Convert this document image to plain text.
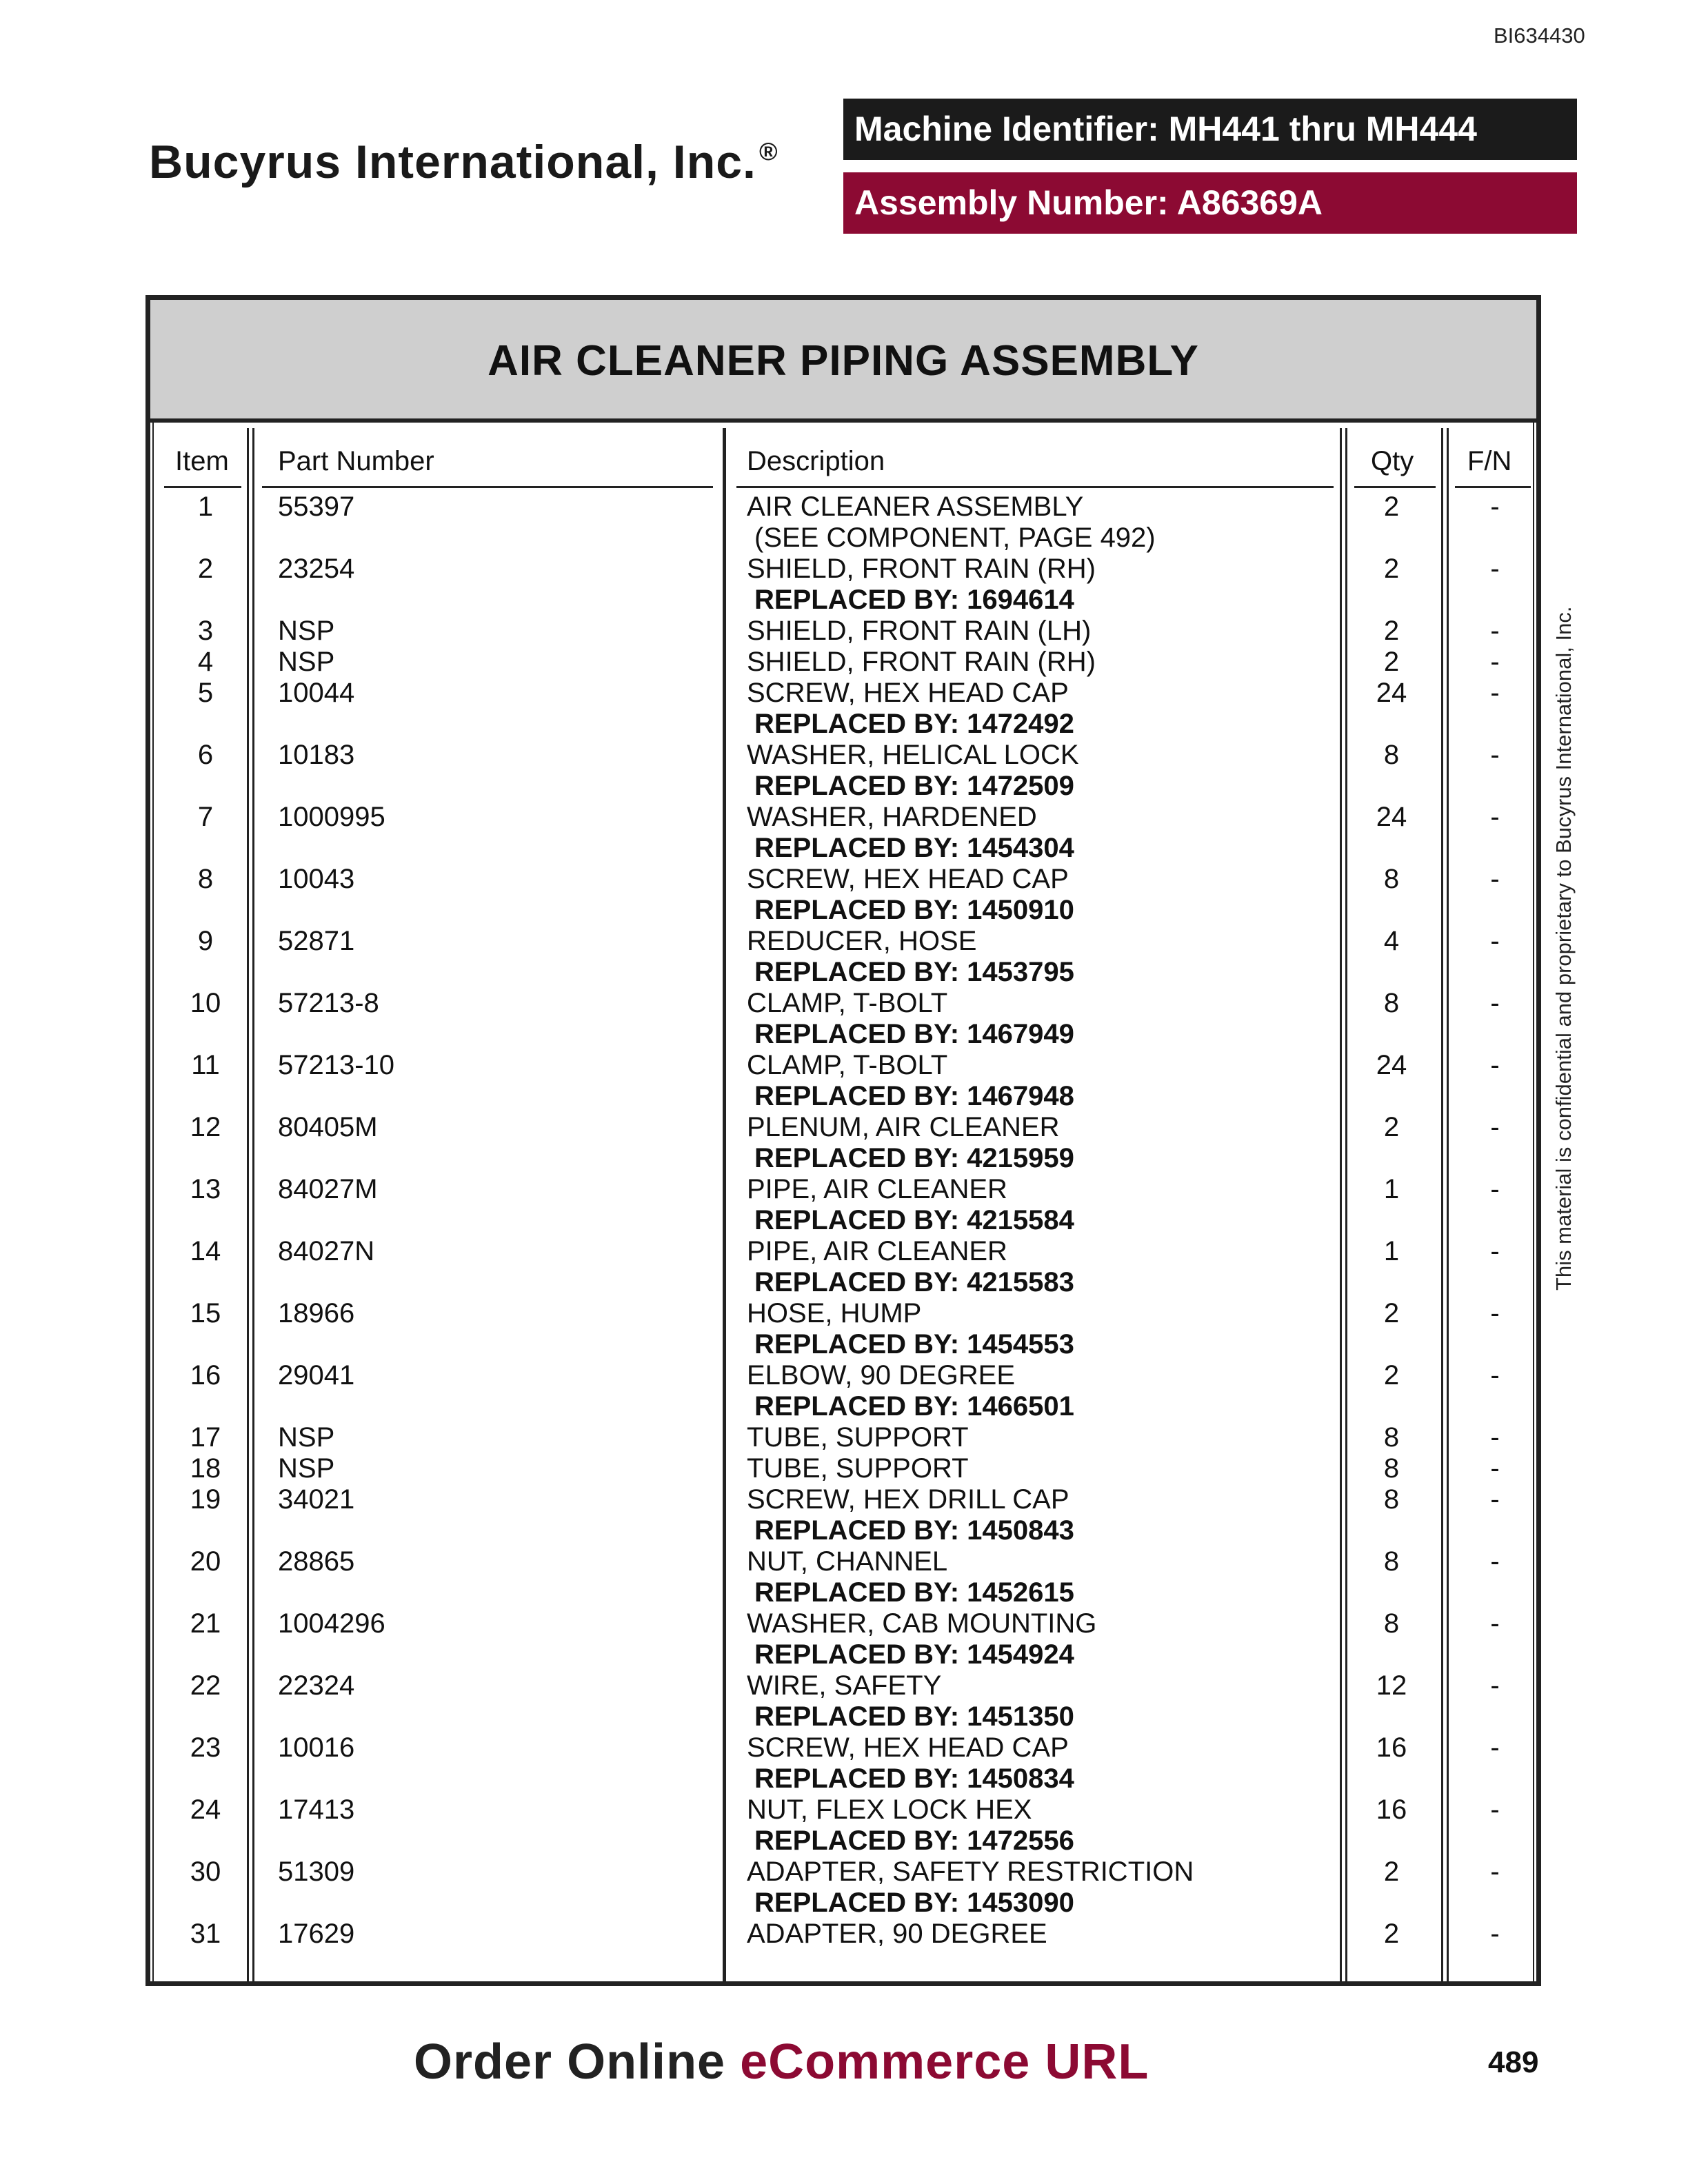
BI634430
Bucyrus International, Inc. ®
Machine Identifier: MH441 thru MH444
Assembly Number: A86369A
AIR CLEANER PIPING ASSEMBLY
Item Part Number	Description	Qty F/N
1	55397	AIR CLEANER ASSEMBLY	2	-
(SEE COMPONENT, PAGE 492)
2	23254	SHIELD, FRONT RAIN (RH)	2	-
REPLACED BY: 1694614
3	NSP	SHIELD, FRONT RAIN (LH)	2	-
4	NSP	SHIELD, FRONT RAIN (RH)	2	-
5	10044	SCREW, HEX HEAD CAP	24	-
REPLACED BY: 1472492
6	10183	WASHER, HELICAL LOCK	8	-
REPLACED BY: 1472509
7	1000995	WASHER, HARDENED	24	-
REPLACED BY: 1454304
8	10043	SCREW, HEX HEAD CAP	8	-
REPLACED BY: 1450910
9	52871	REDUCER, HOSE	4	-
REPLACED BY: 1453795
10	57213-8	CLAMP, T-BOLT	8	-
REPLACED BY: 1467949
11	57213-10	CLAMP, T-BOLT	24	-
REPLACED BY: 1467948
12	80405M	PLENUM, AIR CLEANER	2	-
REPLACED BY: 4215959
13	84027M	PIPE, AIR CLEANER	1	-
REPLACED BY: 4215584
14	84027N	PIPE, AIR CLEANER	1	-
REPLACED BY: 4215583
15	18966	HOSE, HUMP	2	-
REPLACED BY: 1454553
16	29041	ELBOW, 90 DEGREE	2	-
REPLACED BY: 1466501
17	NSP	TUBE, SUPPORT	8	-
18	NSP	TUBE, SUPPORT	8	-
19	34021	SCREW, HEX DRILL CAP	8	-
REPLACED BY: 1450843
20	28865	NUT, CHANNEL	8	-
REPLACED BY: 1452615
21	1004296	WASHER, CAB MOUNTING	8	-
REPLACED BY: 1454924
22	22324	WIRE, SAFETY	12	-
REPLACED BY: 1451350
23	10016	SCREW, HEX HEAD CAP	16	-
REPLACED BY: 1450834
24	17413	NUT, FLEX LOCK HEX	16	-
REPLACED BY: 1472556
30	51309	ADAPTER, SAFETY RESTRICTION	2	-
REPLACED BY: 1453090
31	17629	ADAPTER, 90 DEGREE	2	-
This material is confidential and proprietary to Bucyrus International, Inc.
Order Online eCommerce URL	489
